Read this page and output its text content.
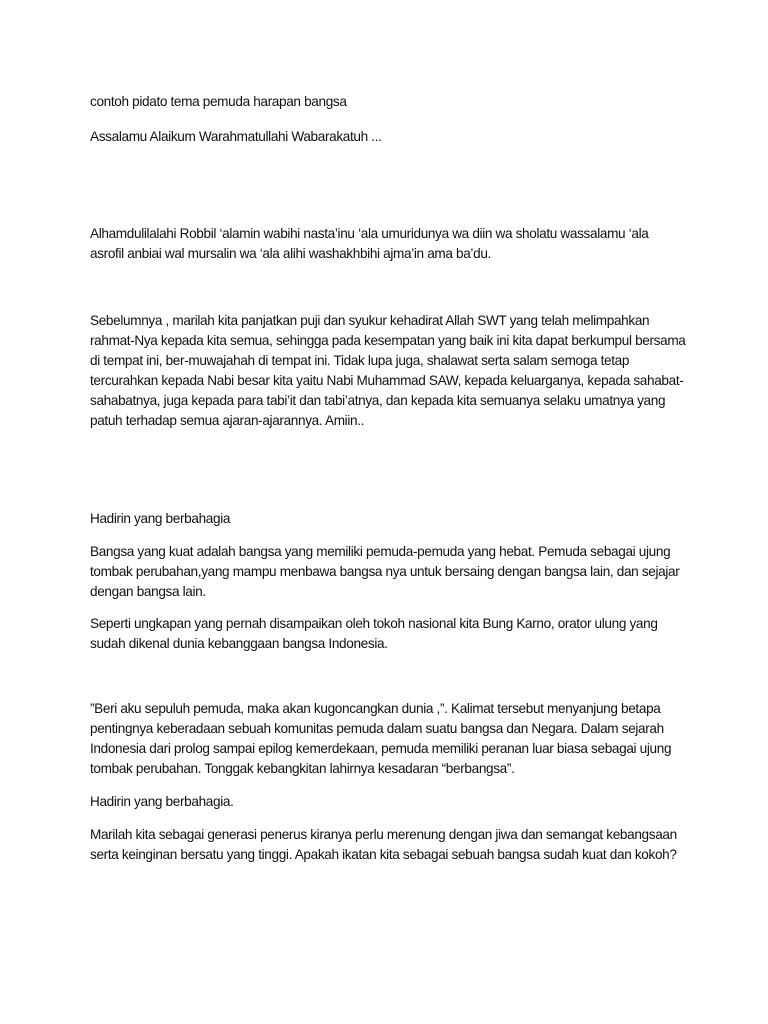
contoh pidato tema pemuda harapan bangsa

Assalamu Alaikum Warahmatullahi Wabarakatuh ...

Alhamdulilalahi Robbil ‘alamin wabihi nasta’inu ‘ala umuridunya wa diin wa sholatu wassalamu ‘ala
asrofil anbiai wal mursalin wa ‘ala alihi washakhbihi ajma’in ama ba’du.

Sebelumnya , marilah kita panjatkan puji dan syukur kehadirat Allah SWT yang telah melimpahkan
rahmat-Nya kepada kita semua, sehingga pada kesempatan yang baik ini kita dapat berkumpul bersama
di tempat ini, ber-muwajahah di tempat ini. Tidak lupa juga, shalawat serta salam semoga tetap
tercurahkan kepada Nabi besar kita yaitu Nabi Muhammad SAW, kepada keluarganya, kepada sahabat-
sahabatnya, juga kepada para tabi’it dan tabi’atnya, dan kepada kita semuanya selaku umatnya yang
patuh terhadap semua ajaran-ajarannya. Amiin..

Hadirin yang berbahagia

Bangsa yang kuat adalah bangsa yang memiliki pemuda-pemuda yang hebat. Pemuda sebagai ujung
tombak perubahan,yang mampu menbawa bangsa nya untuk bersaing dengan bangsa lain, dan sejajar
dengan bangsa lain.

Seperti ungkapan yang pernah disampaikan oleh tokoh nasional kita Bung Karno, orator ulung yang
sudah dikenal dunia kebanggaan bangsa Indonesia.

”Beri aku sepuluh pemuda, maka akan kugoncangkan dunia ,”. Kalimat tersebut menyanjung betapa
pentingnya keberadaan sebuah komunitas pemuda dalam suatu bangsa dan Negara. Dalam sejarah
Indonesia dari prolog sampai epilog kemerdekaan, pemuda memiliki peranan luar biasa sebagai ujung
tombak perubahan. Tonggak kebangkitan lahirnya kesadaran “berbangsa”.

Hadirin yang berbahagia.

Marilah kita sebagai generasi penerus kiranya perlu merenung dengan jiwa dan semangat kebangsaan
serta keinginan bersatu yang tinggi. Apakah ikatan kita sebagai sebuah bangsa sudah kuat dan kokoh?
